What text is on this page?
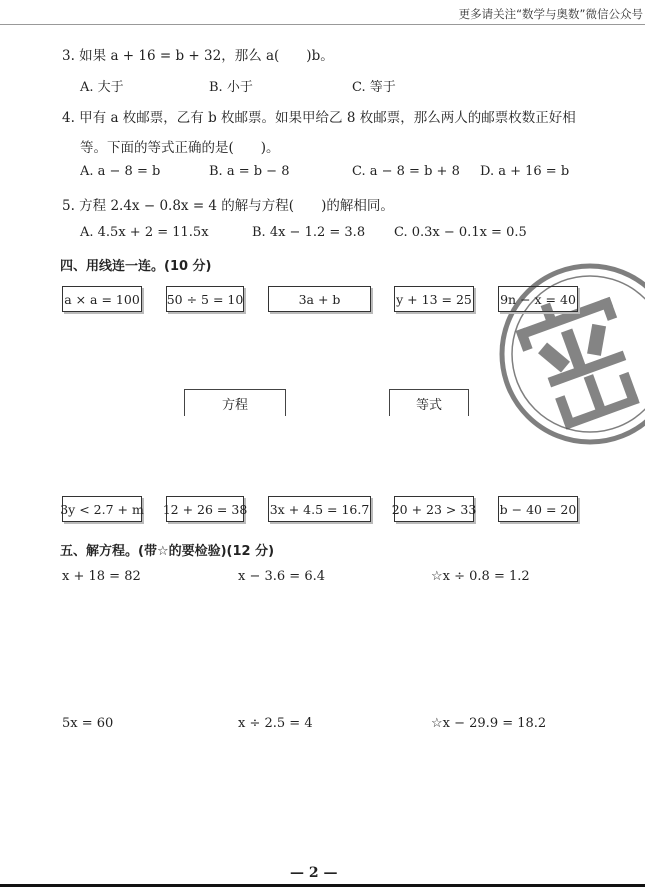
更多请关注“数学与奥数”微信公众号
3. 如果 a + 16 = b + 32，那么 a(　　)b。
A. 大于	B. 小于	C. 等于
4. 甲有 a 枚邮票，乙有 b 枚邮票。如果甲给乙 8 枚邮票，那么两人的邮票枚数正好相
等。下面的等式正确的是(　　)。
A. a − 8 = b	B. a = b − 8	C. a − 8 = b + 8 D. a + 16 = b
5. 方程 2.4x − 0.8x = 4 的解与方程(　　)的解相同。
A. 4.5x + 2 = 11.5x	B. 4x − 1.2 = 3.8 C. 0.3x − 0.1x = 0.5
四、用线连一连。(10 分)
a × a = 100 50 ÷ 5 = 10	3a + b	y + 13 = 25 9n − x = 40
方程	等式
3y < 2.7 + m 12 + 26 = 38 3x + 4.5 = 16.7 20 + 23 > 33 b − 40 = 20
五、解方程。(带☆的要检验)(12 分)
x + 18 = 82	x − 3.6 = 6.4	☆x ÷ 0.8 = 1.2
5x = 60	x ÷ 2.5 = 4	☆x − 29.9 = 18.2
— 2 —
